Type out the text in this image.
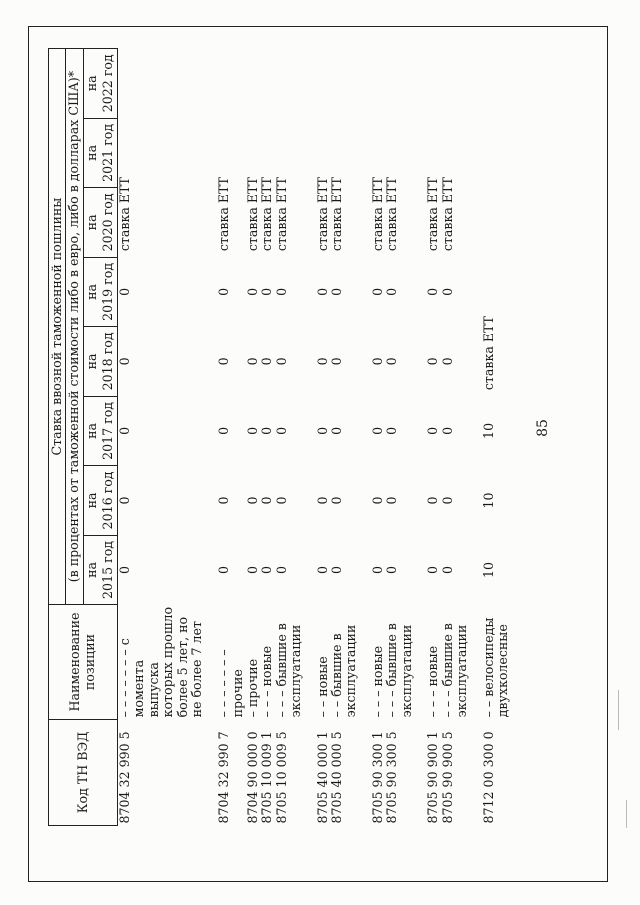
85
Код ТН ВЭД	Наименование позиции	Ставка ввозной таможенной пошлины							
		(в процентах от таможенной стоимости либо в евро, либо в долларах США)*							
		на	на	на	на	на	на	на	на
		2015 год	2016 год	2017 год	2018 год	2019 год	2020 год	2021 год	2022 год
8704 32 990 5	– – – – – – – с момента выпуска которых прошло более 5 лет, но не более 7 лет	0	0	0	0	0	ставка ЕТТ		
8704 32 990 7	– – – – – – – прочие	0	0	0	0	0	ставка ЕТТ		
8704 90 000 0	– прочие	0	0	0	0	0	ставка ЕТТ		
8705 10 009 1	– – – новые	0	0	0	0	0	ставка ЕТТ		
8705 10 009 5	– – – бывшие в эксплуатации	0	0	0	0	0	ставка ЕТТ		
8705 40 000 1	– – новые	0	0	0	0	0	ставка ЕТТ		
8705 40 000 5	– – бывшие в эксплуатации	0	0	0	0	0	ставка ЕТТ		
8705 90 300 1	– – – новые	0	0	0	0	0	ставка ЕТТ		
8705 90 300 5	– – – бывшие в эксплуатации	0	0	0	0	0	ставка ЕТТ		
8705 90 900 1	– – – новые	0	0	0	0	0	ставка ЕТТ		
8705 90 900 5	– – – бывшие в эксплуатации	0	0	0	0	0	ставка ЕТТ		
8712 00 300 0	– – велосипеды двухколесные	10	10	10	ставка ЕТТ				
